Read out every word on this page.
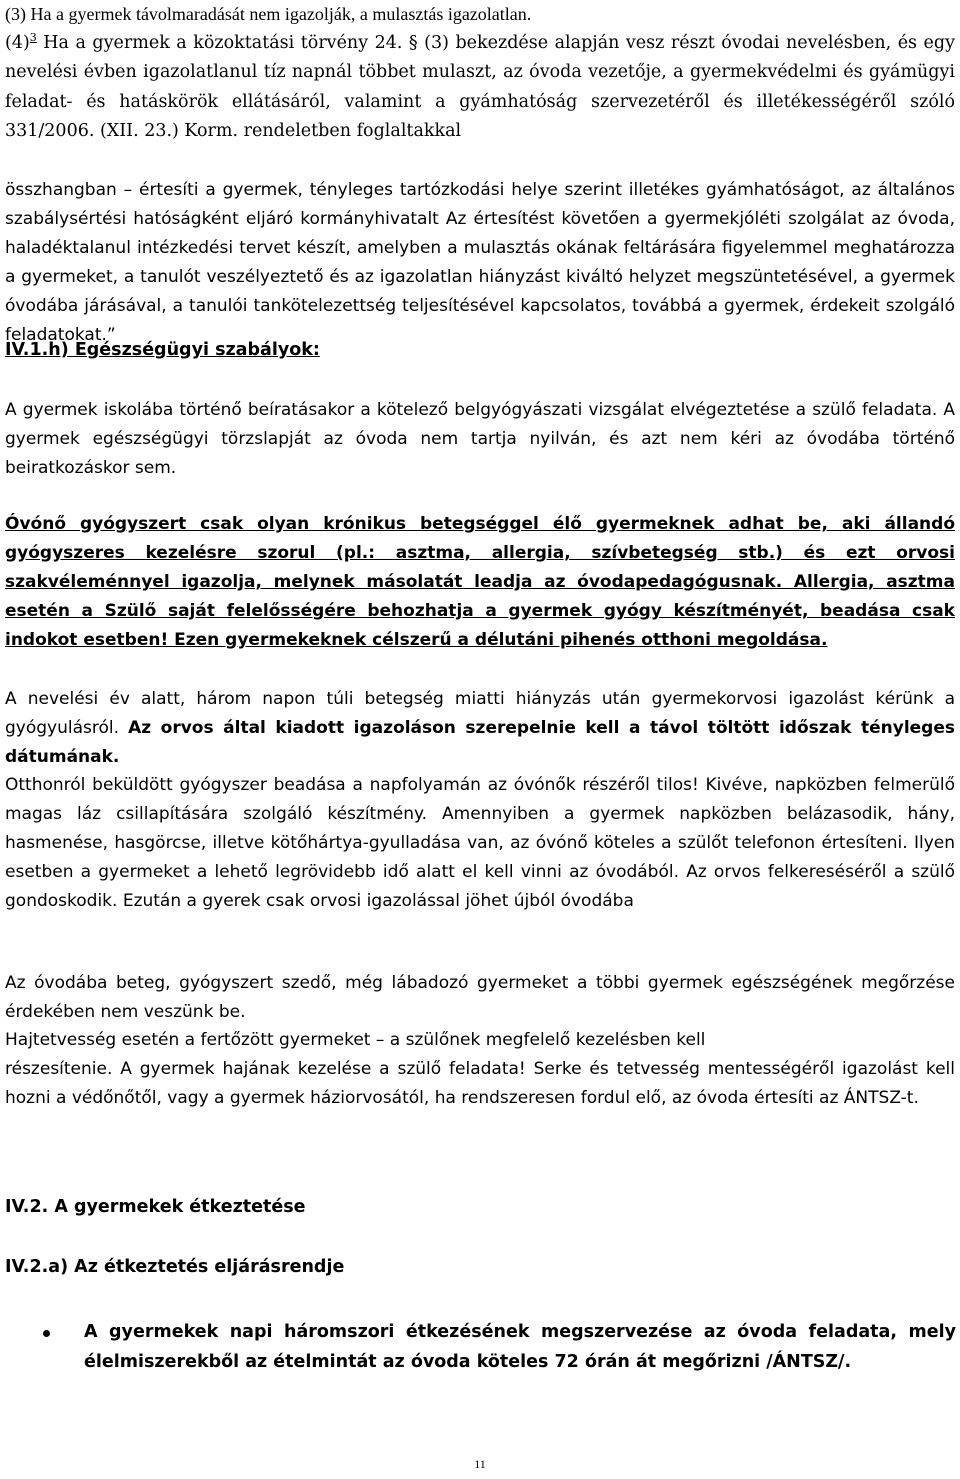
(3) Ha a gyermek távolmaradását nem igazolják, a mulasztás igazolatlan.

$(4)^3$ Ha a gyermek a közoktatási törvény 24. § (3) bekezdése alapján vesz részt óvodai nevelésben, és egy nevelési évben igazolatlanul tíz napnál többet mulaszt, az óvoda vezetője, a gyermekvédelmi és gyámügyi feladat- és hatáskörök ellátásáról, valamint a gyámhatóság szervezetéről és illetékességéről szóló 331/2006. (XII. 23.) Korm. rendeletben foglaltakkal

összhangban – értesíti a gyermek, tényleges tartózkodási helye szerint illetékes gyámhatóságot, az általános szabálysértési hatóságként eljáró kormányhivatalt Az értesítést követően a gyermekjóléti szolgálat az óvoda, haladéktalanul intézkedési tervet készít, amelyben a mulasztás okának feltárására figyelemmel meghatározza a gyermeket, a tanulót veszélyeztető és az igazolatlan hiányzást kiváltó helyzet megszüntetésével, a gyermek óvodába járásával, a tanulói tankötelezettség teljesítésével kapcsolatos, továbbá a gyermek, érdekeit szolgáló feladatokat.”

IV.1.h) Egészségügyi szabályok:

A gyermek iskolába történő beíratásakor a kötelező belgyógyászati vizsgálat elvégeztetése a szülő feladata. A gyermek egészségügyi törzslapját az óvoda nem tartja nyilván, és azt nem kéri az óvodába történő beiratkozáskor sem.

Óvónő gyógyszert csak olyan krónikus betegséggel élő gyermeknek adhat be, aki állandó gyógyszeres kezelésre szorul (pl.: asztma, allergia, szívbetegség stb.) és ezt orvosi szakvéleménnyel igazolja, melynek másolatát leadja az óvodapedagógusnak. Allergia, asztma esetén a Szülő saját felelősségére behozhatja a gyermek gyógy készítményét, beadása csak indokot esetben! Ezen gyermekeknek célszerű a délutáni pihenés otthoni megoldása.

A nevelési év alatt, három napon túli betegség miatti hiányzás után gyermekorvosi igazolást kérünk a gyógyulásról. Az orvos által kiadott igazoláson szerepelnie kell a távol töltött időszak tényleges dátumának.

Otthonról beküldött gyógyszer beadása a napfolyamán az óvónők részéről tilos! Kivéve, napközben felmerülő magas láz csillapítására szolgáló készítmény. Amennyiben a gyermek napközben belázasodik, hány, hasmenése, hasgörcse, illetve kötőhártya-gyulladása van, az óvónő köteles a szülőt telefonon értesíteni. Ilyen esetben a gyermeket a lehető legrövidebb idő alatt el kell vinni az óvodából. Az orvos felkereséséről a szülő gondoskodik. Ezután a gyerek csak orvosi igazolással jöhet újból óvodába

Az óvodába beteg, gyógyszert szedő, még lábadozó gyermeket a többi gyermek egészségének megőrzése érdekében nem veszünk be.

Hajtetvesség esetén a fertőzött gyermeket – a szülőnek megfelelő kezelésben kell

részesítenie. A gyermek hajának kezelése a szülő feladata! Serke és tetvesség mentességéről igazolást kell hozni a védőnőtől, vagy a gyermek háziorvosától, ha rendszeresen fordul elő, az óvoda értesíti az ÁNTSZ-t.

IV.2. A gyermekek étkeztetése

IV.2.a) Az étkeztetés eljárásrendje

A gyermekek napi háromszori étkezésének megszervezése az óvoda feladata, mely élelmiszerekből az ételmintát az óvoda köteles 72 órán át megőrizni /ÁNTSZ/.

11
